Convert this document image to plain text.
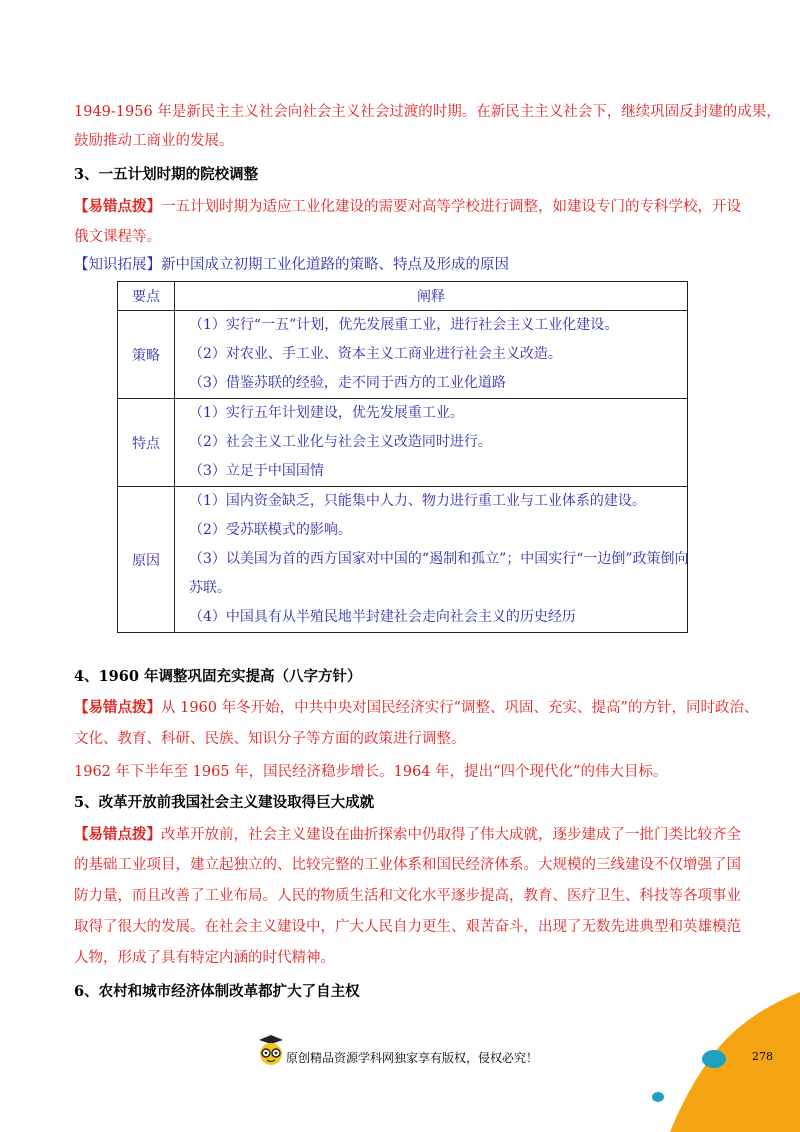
1949-1956 年是新民主主义社会向社会主义社会过渡的时期。在新民主主义社会下，继续巩固反封建的成果，
鼓励推动工商业的发展。
3、一五计划时期的院校调整
【易错点拨】一五计划时期为适应工业化建设的需要对高等学校进行调整，如建设专门的专科学校，开设
俄文课程等。
【知识拓展】新中国成立初期工业化道路的策略、特点及形成的原因
要点	阐释
策略	（1）实行“一五”计划，优先发展重工业，进行社会主义工业化建设。
（2）对农业、手工业、资本主义工商业进行社会主义改造。
（3）借鉴苏联的经验，走不同于西方的工业化道路

特点	（1）实行五年计划建设，优先发展重工业。
（2）社会主义工业化与社会主义改造同时进行。
（3）立足于中国国情

原因	（1）国内资金缺乏，只能集中人力、物力进行重工业与工业体系的建设。
（2）受苏联模式的影响。
（3）以美国为首的西方国家对中国的“遏制和孤立”；中国实行“一边倒”政策倒向
苏联。
（4）中国具有从半殖民地半封建社会走向社会主义的历史经历
4、1960 年调整巩固充实提高（八字方针）
【易错点拨】从 1960 年冬开始，中共中央对国民经济实行“调整、巩固、充实、提高”的方针，同时政治、
文化、教育、科研、民族、知识分子等方面的政策进行调整。
1962 年下半年至 1965 年，国民经济稳步增长。1964 年，提出“四个现代化”的伟大目标。
5、改革开放前我国社会主义建设取得巨大成就
【易错点拨】改革开放前，社会主义建设在曲折探索中仍取得了伟大成就，逐步建成了一批门类比较齐全
的基础工业项目，建立起独立的、比较完整的工业体系和国民经济体系。大规模的三线建设不仅增强了国
防力量，而且改善了工业布局。人民的物质生活和文化水平逐步提高，教育、医疗卫生、科技等各项事业
取得了很大的发展。在社会主义建设中，广大人民自力更生、艰苦奋斗，出现了无数先进典型和英雄模范
人物，形成了具有特定内涵的时代精神。
6、农村和城市经济体制改革都扩大了自主权
原创精品资源学科网独家享有版权，侵权必究！	278
